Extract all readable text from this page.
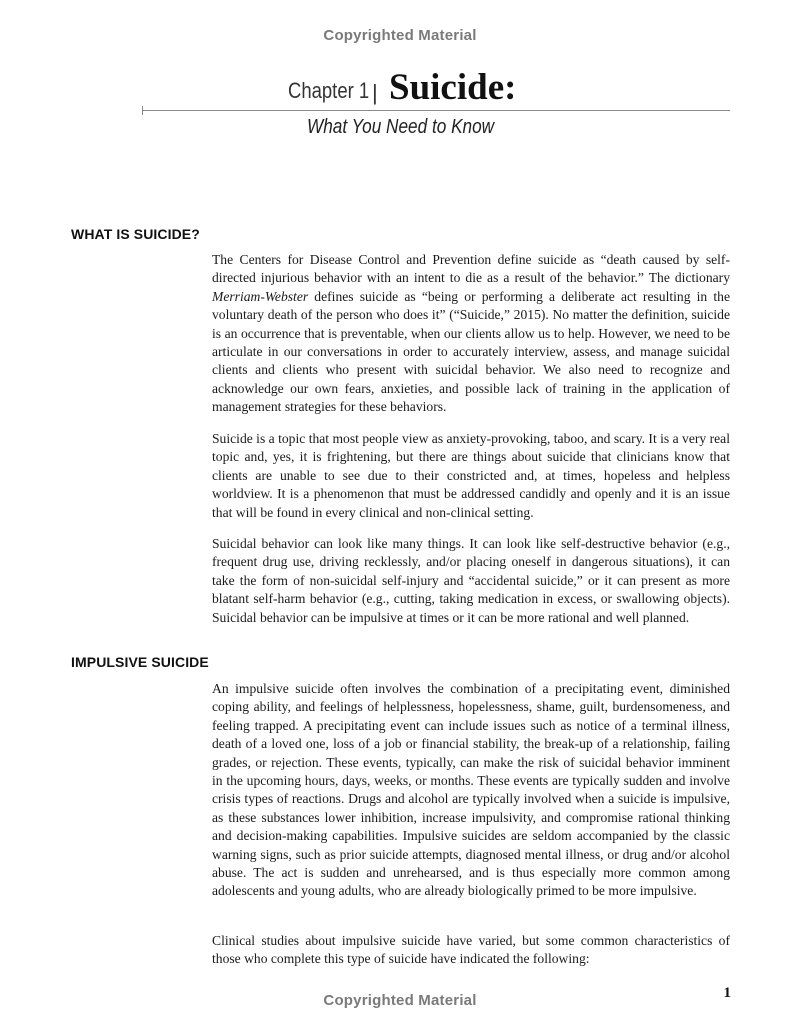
Copyrighted Material
Chapter 1 | Suicide:
What You Need to Know
WHAT IS SUICIDE?

The Centers for Disease Control and Prevention define suicide as “death caused by self-directed injurious behavior with an intent to die as a result of the behavior.” The dictionary Merriam-Webster defines suicide as “being or performing a deliberate act resulting in the voluntary death of the person who does it” (“Suicide,” 2015). No matter the definition, suicide is an occurrence that is preventable, when our clients allow us to help. However, we need to be articulate in our conversations in order to accurately interview, assess, and manage suicidal clients and clients who present with suicidal behavior. We also need to recognize and acknowledge our own fears, anxieties, and possible lack of training in the application of management strategies for these behaviors.

Suicide is a topic that most people view as anxiety-provoking, taboo, and scary. It is a very real topic and, yes, it is frightening, but there are things about suicide that clinicians know that clients are unable to see due to their constricted and, at times, hopeless and helpless worldview. It is a phenomenon that must be addressed candidly and openly and it is an issue that will be found in every clinical and non-clinical setting.

Suicidal behavior can look like many things. It can look like self-destructive behavior (e.g., frequent drug use, driving recklessly, and/or placing oneself in dangerous situations), it can take the form of non-suicidal self-injury and “accidental suicide,” or it can present as more blatant self-harm behavior (e.g., cutting, taking medication in excess, or swallowing objects). Suicidal behavior can be impulsive at times or it can be more rational and well planned.

IMPULSIVE SUICIDE

An impulsive suicide often involves the combination of a precipitating event, diminished coping ability, and feelings of helplessness, hopelessness, shame, guilt, burdensomeness, and feeling trapped. A precipitating event can include issues such as notice of a terminal illness, death of a loved one, loss of a job or financial stability, the break-up of a relationship, failing grades, or rejection. These events, typically, can make the risk of suicidal behavior imminent in the upcoming hours, days, weeks, or months. These events are typically sudden and involve crisis types of reactions. Drugs and alcohol are typically involved when a suicide is impulsive, as these substances lower inhibition, increase impulsivity, and compromise rational thinking and decision-making capabilities. Impulsive suicides are seldom accompanied by the classic warning signs, such as prior suicide attempts, diagnosed mental illness, or drug and/or alcohol abuse. The act is sudden and unrehearsed, and is thus especially more common among adolescents and young adults, who are already biologically primed to be more impulsive.

Clinical studies about impulsive suicide have varied, but some common characteristics of those who complete this type of suicide have indicated the following:

Copyrighted Material	1
